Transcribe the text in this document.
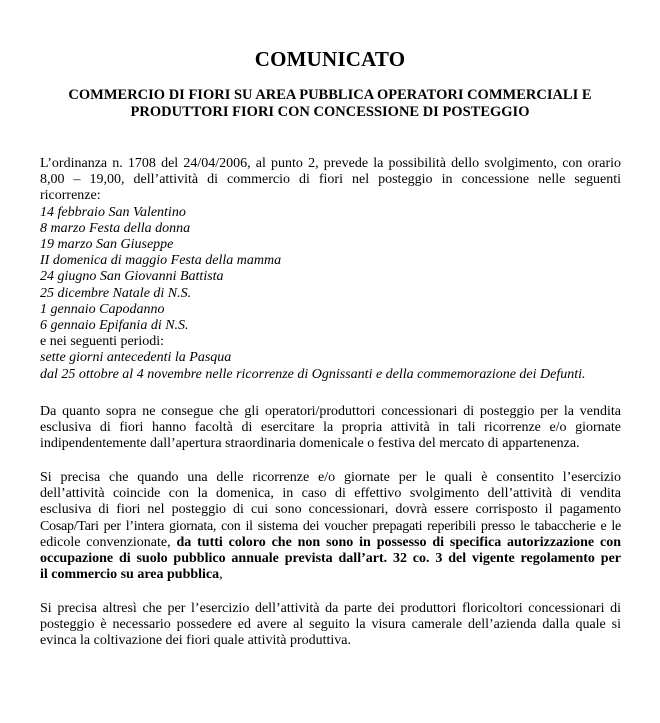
COMUNICATO
COMMERCIO DI FIORI SU AREA PUBBLICA OPERATORI COMMERCIALI E
PRODUTTORI FIORI CON CONCESSIONE DI POSTEGGIO
L’ordinanza n. 1708 del 24/04/2006, al punto 2, prevede la possibilità dello svolgimento, con orario
8,00 – 19,00, dell’attività di commercio di fiori nel posteggio in concessione nelle seguenti
ricorrenze:
14 febbraio San Valentino
8 marzo Festa della donna
19 marzo San Giuseppe
II domenica di maggio Festa della mamma
24 giugno San Giovanni Battista
25 dicembre Natale di N.S.
1 gennaio Capodanno
6 gennaio Epifania di N.S.
e nei seguenti periodi:
sette giorni antecedenti la Pasqua
dal 25 ottobre al 4 novembre nelle ricorrenze di Ognissanti e della commemorazione dei Defunti.
Da quanto sopra ne consegue che gli operatori/produttori concessionari di posteggio per la vendita
esclusiva di fiori hanno facoltà di esercitare la propria attività in tali ricorrenze e/o giornate
indipendentemente dall’apertura straordinaria domenicale o festiva del mercato di appartenenza.
Si precisa che quando una delle ricorrenze e/o giornate per le quali è consentito l’esercizio
dell’attività coincide con la domenica, in caso di effettivo svolgimento dell’attività di vendita
esclusiva di fiori nel posteggio di cui sono concessionari, dovrà essere corrisposto il pagamento
Cosap/Tari per l’intera giornata, con il sistema dei voucher prepagati reperibili presso le tabaccherie e le
edicole convenzionate, da tutti coloro che non sono in possesso di specifica autorizzazione con
occupazione di suolo pubblico annuale prevista dall’art. 32 co. 3 del vigente regolamento per
il commercio su area pubblica,
Si precisa altresì che per l’esercizio dell’attività da parte dei produttori floricoltori concessionari di
posteggio è necessario possedere ed avere al seguito la visura camerale dell’azienda dalla quale si
evinca la coltivazione dei fiori quale attività produttiva.
